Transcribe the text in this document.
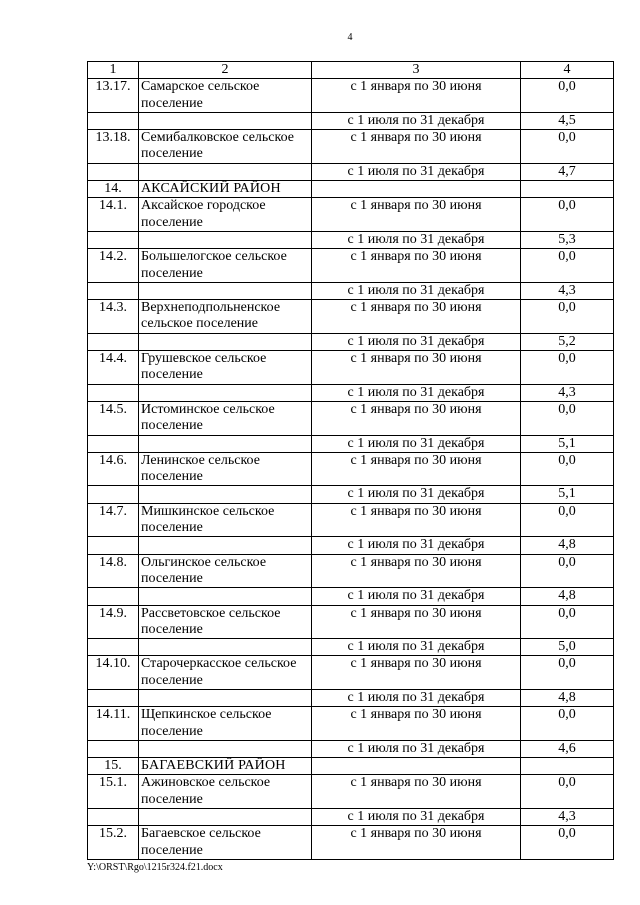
4
1	2	3	4
13.17.	Самарское сельское поселение	с 1 января по 30 июня	0,0
		с 1 июля по 31 декабря	4,5
13.18.	Семибалковское сельское поселение	с 1 января по 30 июня	0,0
		с 1 июля по 31 декабря	4,7
14.	АКСАЙСКИЙ РАЙОН		
14.1.	Аксайское городское поселение	с 1 января по 30 июня	0,0
		с 1 июля по 31 декабря	5,3
14.2.	Большелогское сельское поселение	с 1 января по 30 июня	0,0
		с 1 июля по 31 декабря	4,3
14.3.	Верхнеподпольненское сельское поселение	с 1 января по 30 июня	0,0
		с 1 июля по 31 декабря	5,2
14.4.	Грушевское сельское поселение	с 1 января по 30 июня	0,0
		с 1 июля по 31 декабря	4,3
14.5.	Истоминское сельское поселение	с 1 января по 30 июня	0,0
		с 1 июля по 31 декабря	5,1
14.6.	Ленинское сельское поселение	с 1 января по 30 июня	0,0
		с 1 июля по 31 декабря	5,1
14.7.	Мишкинское сельское поселение	с 1 января по 30 июня	0,0
		с 1 июля по 31 декабря	4,8
14.8.	Ольгинское сельское поселение	с 1 января по 30 июня	0,0
		с 1 июля по 31 декабря	4,8
14.9.	Рассветовское сельское поселение	с 1 января по 30 июня	0,0
		с 1 июля по 31 декабря	5,0
14.10.	Старочеркасское сельское поселение	с 1 января по 30 июня	0,0
		с 1 июля по 31 декабря	4,8
14.11.	Щепкинское сельское поселение	с 1 января по 30 июня	0,0
		с 1 июля по 31 декабря	4,6
15.	БАГАЕВСКИЙ РАЙОН		
15.1.	Ажиновское сельское поселение	с 1 января по 30 июня	0,0
		с 1 июля по 31 декабря	4,3
15.2.	Багаевское сельское поселение	с 1 января по 30 июня	0,0
Y:\ORST\Rgo\1215r324.f21.docx
